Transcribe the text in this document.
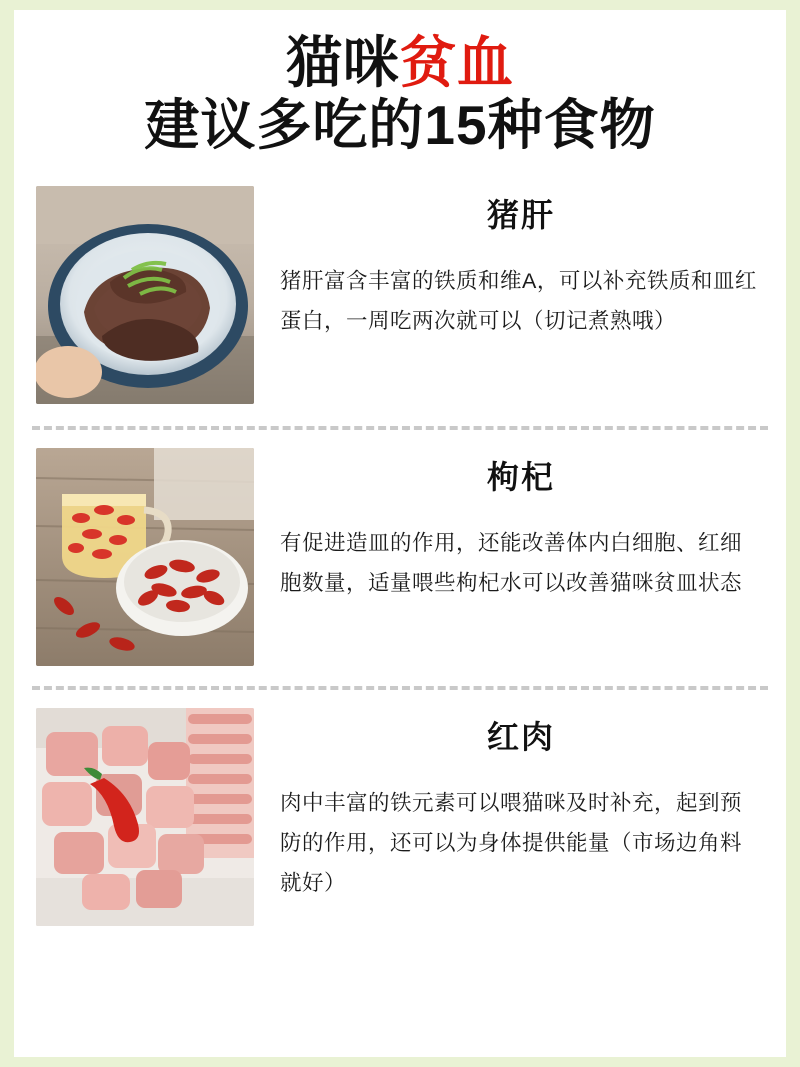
猫咪贫血
建议多吃的15种食物
猪肝
猪肝富含丰富的铁质和维A，可以补充铁质和皿红蛋白，一周吃两次就可以（切记煮熟哦）
枸杞
有促进造皿的作用，还能改善体内白细胞、红细胞数量，适量喂些枸杞水可以改善猫咪贫皿状态
红肉
肉中丰富的铁元素可以喂猫咪及时补充，起到预防的作用，还可以为身体提供能量（市场边角料就好）
